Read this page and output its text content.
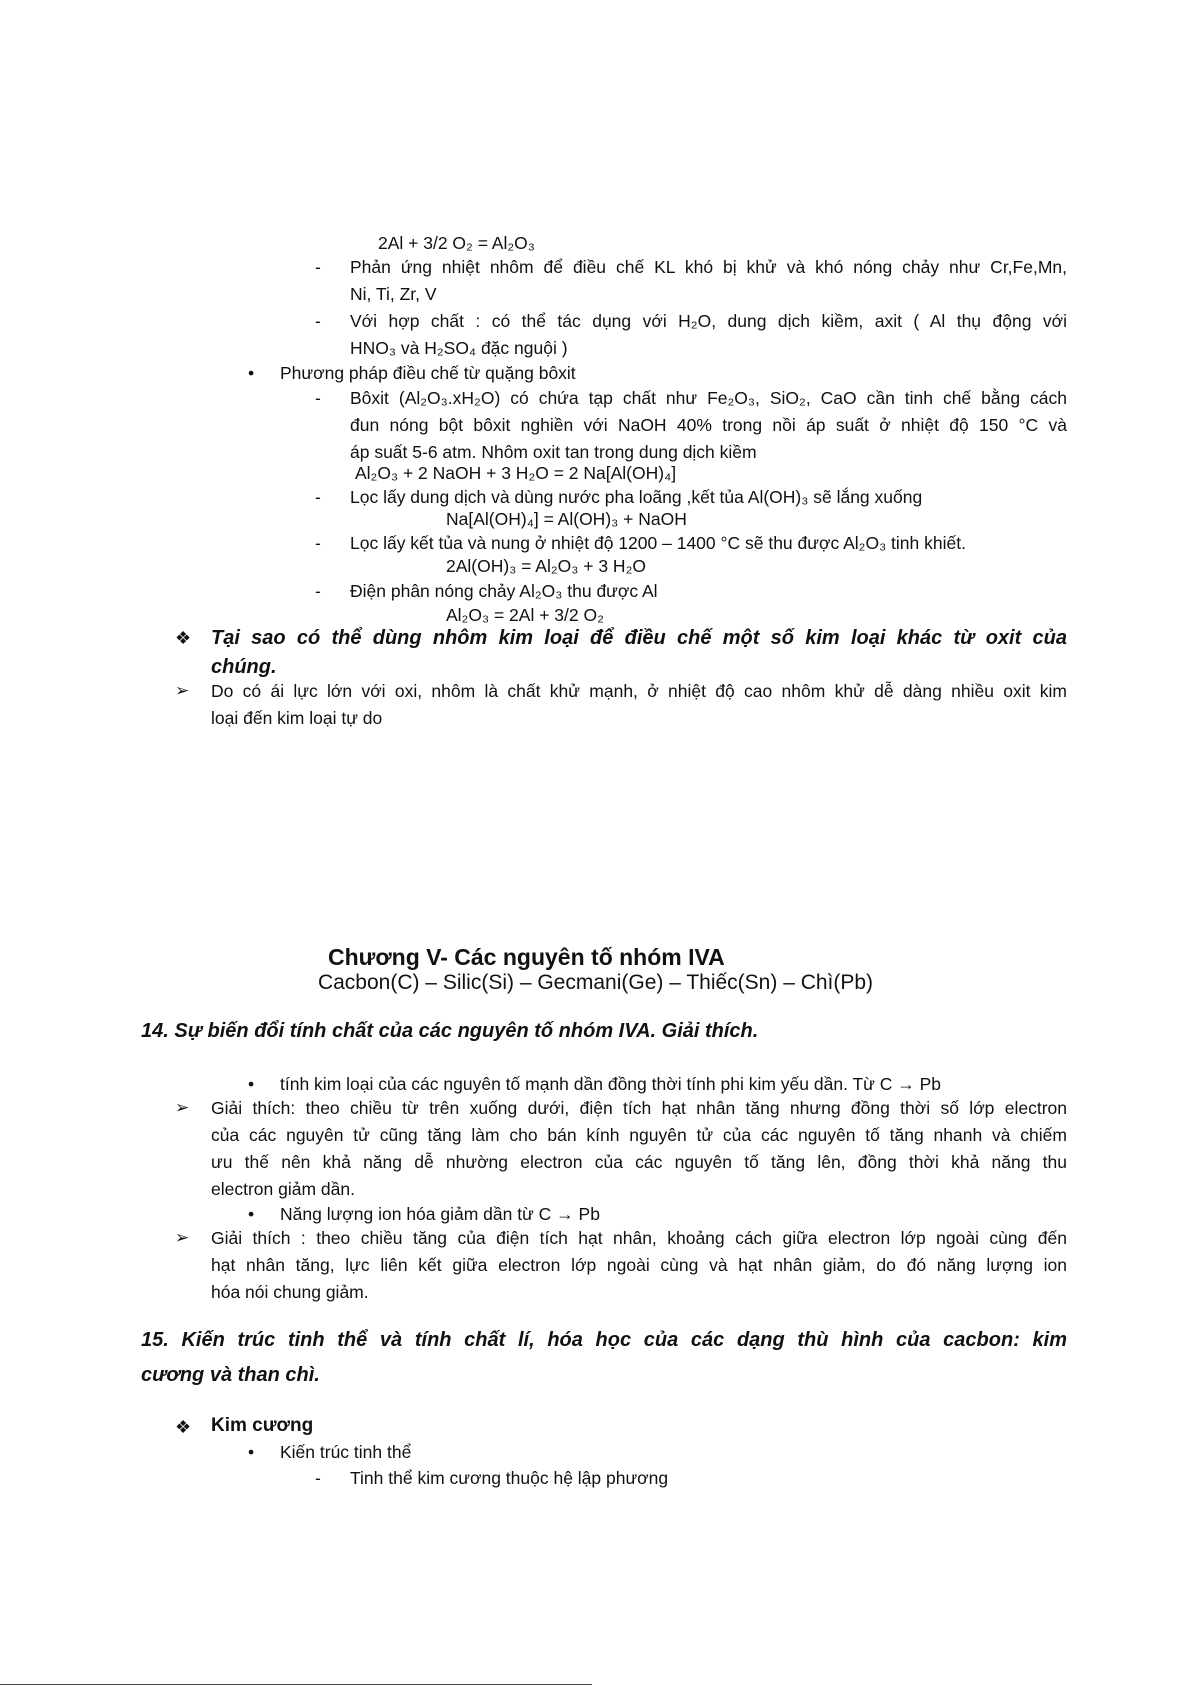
2Al + 3/2 O₂ = Al₂O₃
- Phản ứng nhiệt nhôm để điều chế KL khó bị khử và khó nóng chảy như Cr,Fe,Mn,
Ni, Ti, Zr, V
- Với hợp chất : có thể tác dụng với H₂O, dung dịch kiềm, axit ( Al thụ động với
HNO₃ và H₂SO₄ đặc nguội )
• Phương pháp điều chế từ quặng bôxit
- Bôxit (Al₂O₃.xH₂O) có chứa tạp chất như Fe₂O₃, SiO₂, CaO cần tinh chế bằng cách
đun nóng bột bôxit nghiền với NaOH 40% trong nồi áp suất ở nhiệt độ 150 °C và
áp suất 5-6 atm. Nhôm oxit tan trong dung dịch kiềm
Al₂O₃ + 2 NaOH + 3 H₂O = 2 Na[Al(OH)₄]
- Lọc lấy dung dịch và dùng nước pha loãng ,kết tủa Al(OH)₃ sẽ lắng xuống
Na[Al(OH)₄] = Al(OH)₃ + NaOH
- Lọc lấy kết tủa và nung ở nhiệt độ 1200 – 1400 °C sẽ thu được Al₂O₃ tinh khiết.
2Al(OH)₃ = Al₂O₃ + 3 H₂O
- Điện phân nóng chảy Al₂O₃ thu được Al
Al₂O₃ = 2Al + 3/2 O₂
❖ Tại sao có thể dùng nhôm kim loại để điều chế một số kim loại khác từ oxit của
chúng.
➢ Do có ái lực lớn với oxi, nhôm là chất khử mạnh, ở nhiệt độ cao nhôm khử dễ dàng nhiều oxit kim
loại đến kim loại tự do
Chương V- Các nguyên tố nhóm IVA
Cacbon(C) – Silic(Si) – Gecmani(Ge) – Thiếc(Sn) – Chì(Pb)
14. Sự biến đổi tính chất của các nguyên tố nhóm IVA. Giải thích.
• tính kim loại của các nguyên tố mạnh dần đồng thời tính phi kim yếu dần. Từ C → Pb
➢ Giải thích: theo chiều từ trên xuống dưới, điện tích hạt nhân tăng nhưng đồng thời số lớp electron
của các nguyên tử cũng tăng làm cho bán kính nguyên tử của các nguyên tố tăng nhanh và chiếm
ưu thế nên khả năng dễ nhường electron của các nguyên tố tăng lên, đồng thời khả năng thu
electron giảm dần.
• Năng lượng ion hóa giảm dần từ C → Pb
➢ Giải thích : theo chiều tăng của điện tích hạt nhân, khoảng cách giữa electron lớp ngoài cùng đến
hạt nhân tăng, lực liên kết giữa electron lớp ngoài cùng và hạt nhân giảm, do đó năng lượng ion
hóa nói chung giảm.
15. Kiến trúc tinh thể và tính chất lí, hóa học của các dạng thù hình của cacbon: kim
cương và than chì.
❖ Kim cương
• Kiến trúc tinh thể
- Tinh thể kim cương thuộc hệ lập phương
